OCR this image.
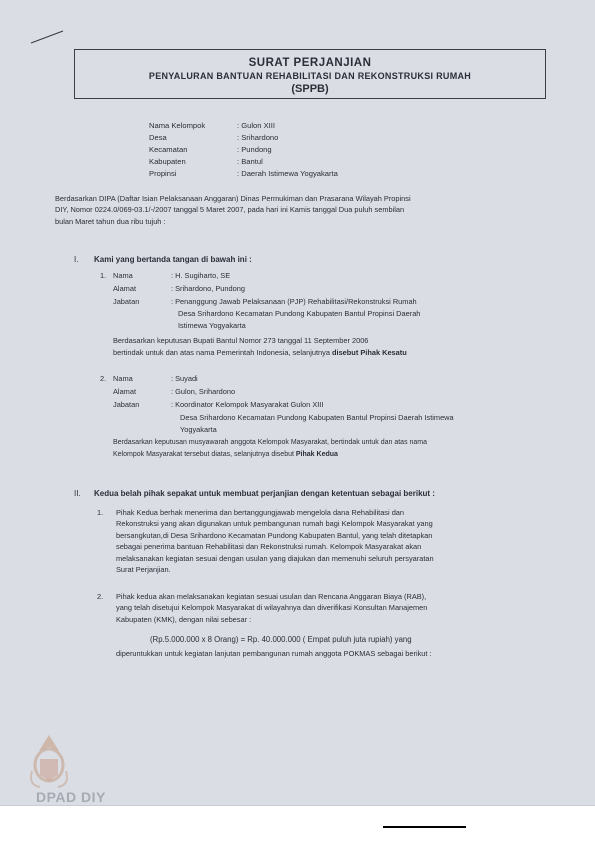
SURAT PERJANJIAN
PENYALURAN BANTUAN REHABILITASI DAN REKONSTRUKSI RUMAH
(SPPB)
Nama Kelompok	: Gulon XIII
Desa	: Srihardono
Kecamatan	: Pundong
Kabupaten	: Bantul
Propinsi	: Daerah Istimewa Yogyakarta
Berdasarkan DIPA (Daftar Isian Pelaksanaan Anggaran) Dinas Permukiman dan Prasarana Wilayah Propinsi
DIY, Nomor 0224.0/069-03.1/-/2007 tanggal 5 Maret 2007, pada hari ini Kamis tanggal Dua puluh sembilan
bulan Maret tahun dua ribu tujuh :
I. Kami yang bertanda tangan di bawah ini :
1. Nama	: H. Sugiharto, SE
Alamat	: Srihardono, Pundong
Jabatan	: Penanggung Jawab Pelaksanaan (PJP) Rehabilitasi/Rekonstruksi Rumah
Desa Srihardono Kecamatan Pundong Kabupaten Bantul Propinsi Daerah
Istimewa Yogyakarta
Berdasarkan keputusan Bupati Bantul Nomor 273 tanggal 11 September 2006
bertindak untuk dan atas nama Pemerintah Indonesia, selanjutnya disebut Pihak Kesatu
2. Nama	: Suyadi
Alamat	: Gulon, Srihardono
Jabatan	: Koordinator Kelompok Masyarakat Gulon XIII
Desa Srihardono Kecamatan Pundong Kabupaten Bantul Propinsi Daerah Istimewa
Yogyakarta
Berdasarkan keputusan musyawarah anggota Kelompok Masyarakat, bertindak untuk dan atas nama
Kelompok Masyarakat tersebut diatas, selanjutnya disebut Pihak Kedua
II. Kedua belah pihak sepakat untuk membuat perjanjian dengan ketentuan sebagai berikut :
1. Pihak Kedua berhak menerima dan bertanggungjawab mengelola dana Rehabilitasi dan
Rekonstruksi yang akan digunakan untuk pembangunan rumah bagi Kelompok Masyarakat yang
bersangkutan,di Desa Srihardono Kecamatan Pundong Kabupaten Bantul, yang telah ditetapkan
sebagai penerima bantuan Rehabilitasi dan Rekonstruksi rumah. Kelompok Masyarakat akan
melaksanakan kegiatan sesuai dengan usulan yang diajukan dan memenuhi seluruh persyaratan
Surat Perjanjian.
2. Pihak kedua akan melaksanakan kegiatan sesuai usulan dan Rencana Anggaran Biaya (RAB),
yang telah disetujui Kelompok Masyarakat di wilayahnya dan diverifikasi Konsultan Manajemen
Kabupaten (KMK), dengan nilai sebesar :
(Rp.5.000.000 x 8 Orang) = Rp. 40.000.000 ( Empat puluh juta rupiah) yang
diperuntukkan untuk kegiatan lanjutan pembangunan rumah anggota POKMAS sebagai berikut :
DPAD DIY
